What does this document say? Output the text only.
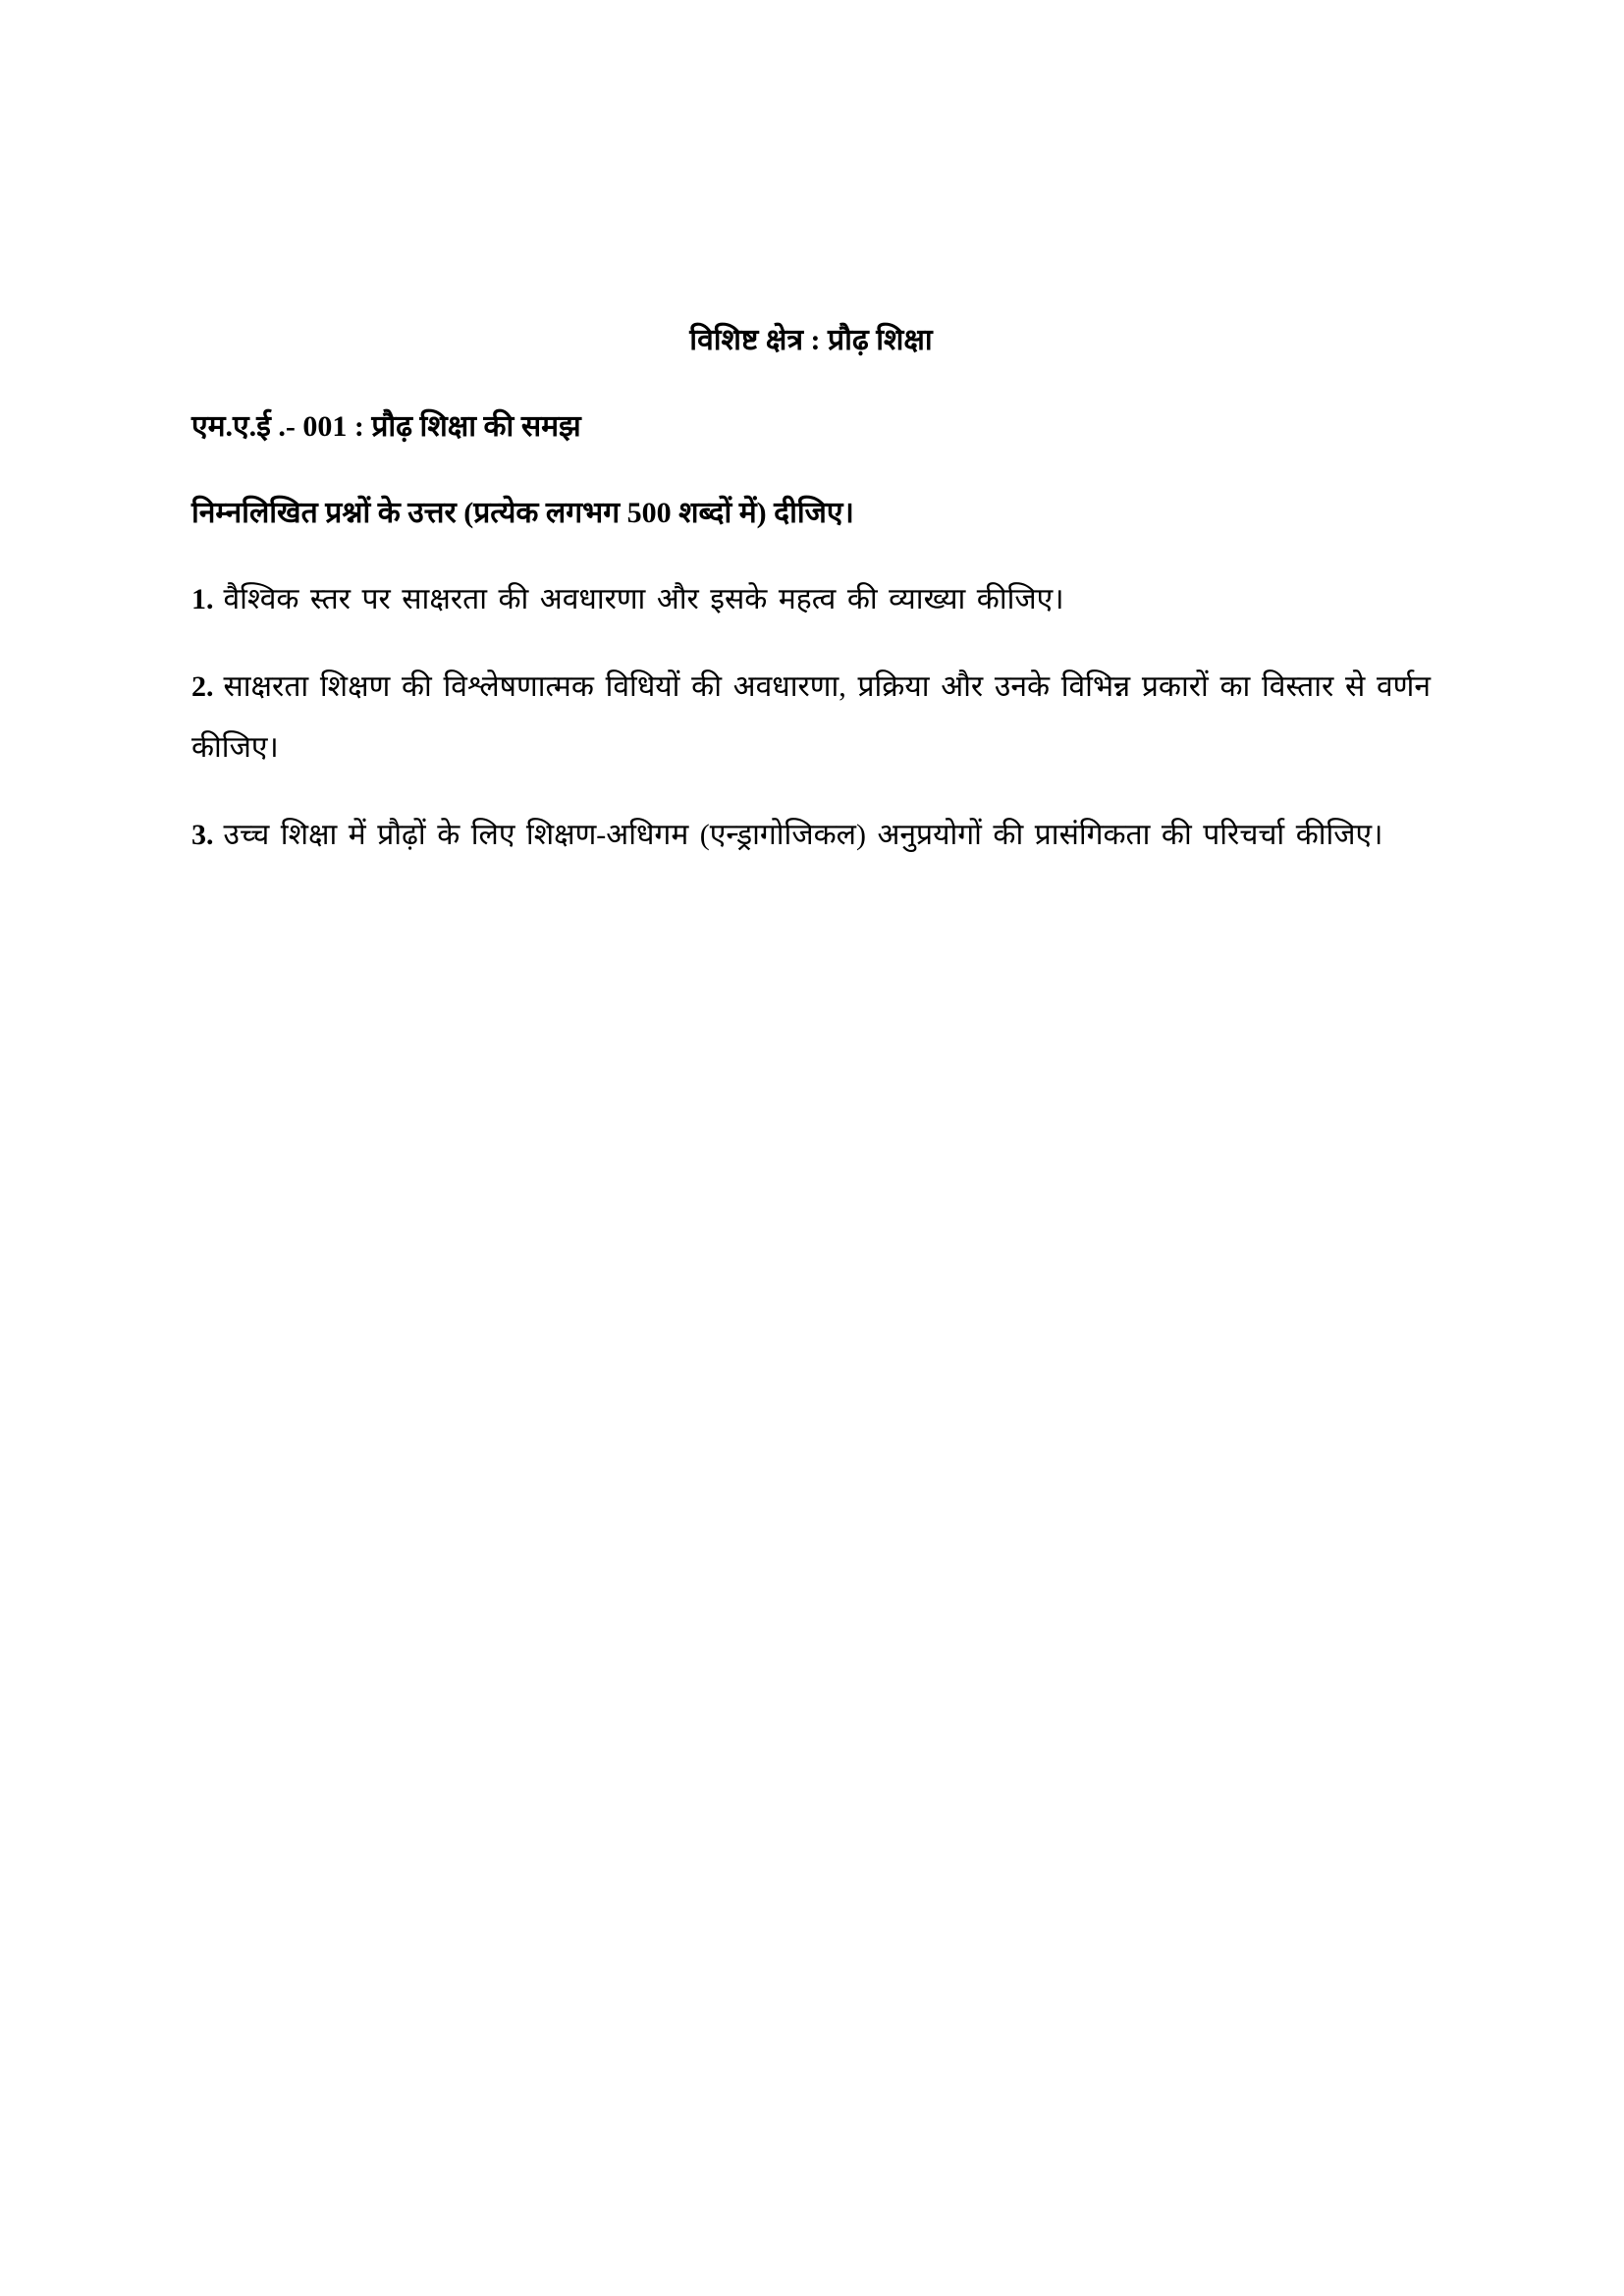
विशिष्ट क्षेत्र : प्रौढ़ शिक्षा

एम.ए.ई .- 001 : प्रौढ़ शिक्षा की समझ

निम्नलिखित प्रश्नों के उत्तर (प्रत्येक लगभग 500 शब्दों में) दीजिए।

1. वैश्विक स्तर पर साक्षरता की अवधारणा और इसके महत्व की व्याख्या कीजिए।

2. साक्षरता शिक्षण की विश्लेषणात्मक विधियों की अवधारणा, प्रक्रिया और उनके विभिन्न प्रकारों का विस्तार से वर्णन कीजिए।

3. उच्च शिक्षा में प्रौढ़ों के लिए शिक्षण-अधिगम (एन्ड्रागोजिकल) अनुप्रयोगों की प्रासंगिकता की परिचर्चा कीजिए।
